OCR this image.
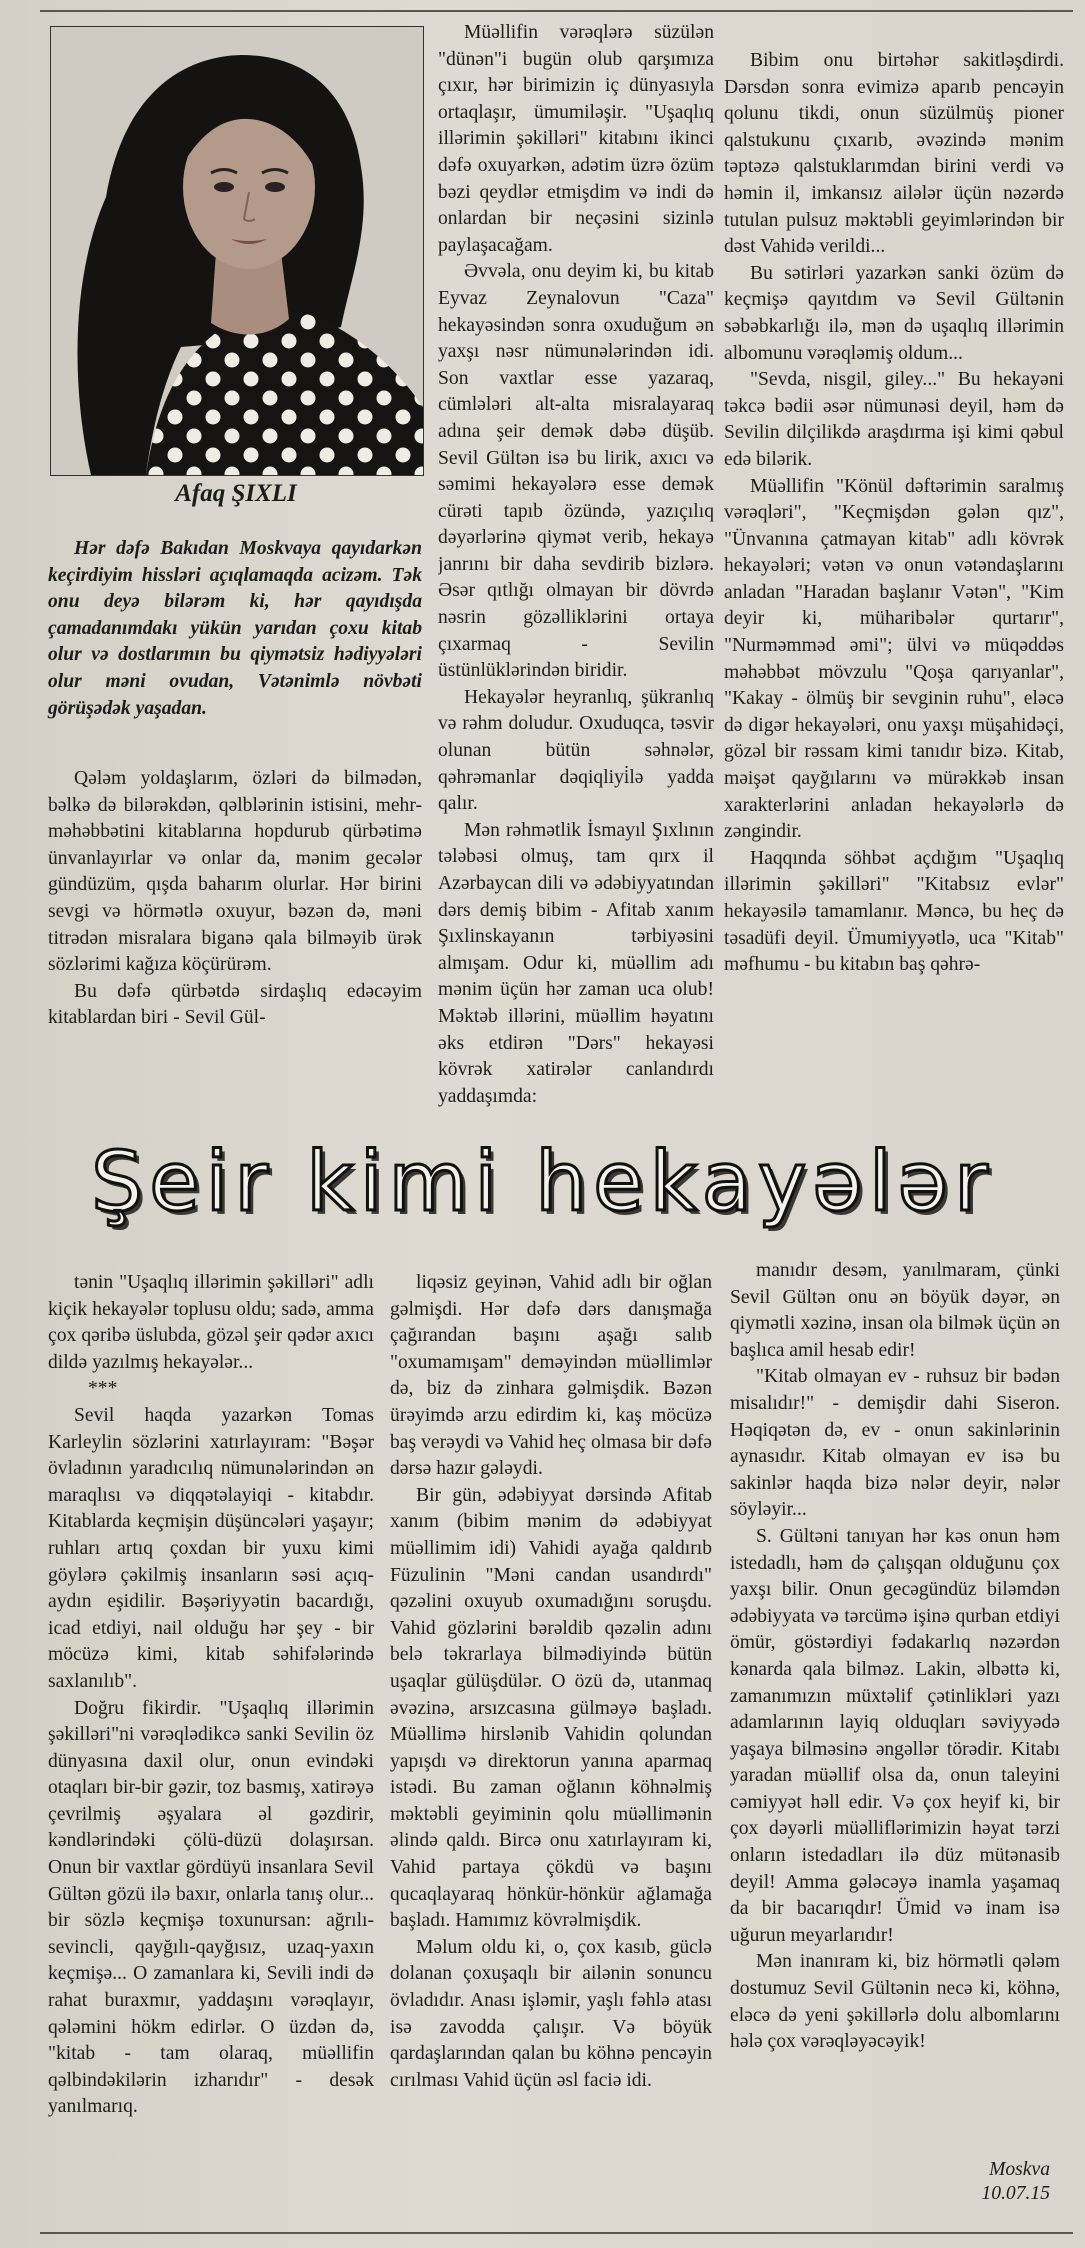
Afaq ŞIXLI
Hər dəfə Bakıdan Moskvaya qayıdarkən keçirdiyim hissləri açıqlamaqda acizəm. Tək onu deyə bilərəm ki, hər qayıdışda çamadanımdakı yükün yarıdan çoxu kitab olur və dostlarımın bu qiymətsiz hədiyyələri olur məni ovudan, Vətənimlə növbəti görüşədək yaşadan.

Qələm yoldaşlarım, özləri də bilmədən, bəlkə də bilərəkdən, qəlblərinin istisini, mehr-məhəbbətini kitablarına hopdurub qürbətimə ünvanlayırlar və onlar da, mənim gecələr gündüzüm, qışda baharım olurlar. Hər birini sevgi və hörmətlə oxuyur, bəzən də, məni titrədən misralara biganə qala bilməyib ürək sözlərimi kağıza köçürürəm.

Bu dəfə qürbətdə sirdaşlıq edəcəyim kitablardan biri - Sevil Gül-

Müəllifin vərəqlərə süzülən "dünən"i bugün olub qarşımıza çıxır, hər birimizin iç dünyasıyla ortaqlaşır, ümumiləşir. "Uşaqlıq illərimin şəkilləri" kitabını ikinci dəfə oxuyarkən, adətim üzrə özüm bəzi qeydlər etmişdim və indi də onlardan bir neçəsini sizinlə paylaşacağam.

Əvvəla, onu deyim ki, bu kitab Eyvaz Zeynalovun "Caza" hekayəsindən sonra oxuduğum ən yaxşı nəsr nümunələrindən idi. Son vaxtlar esse yazaraq, cümlələri alt-alta misralayaraq adına şeir demək dəbə düşüb. Sevil Gültən isə bu lirik, axıcı və səmimi hekayələrə esse demək cürəti tapıb özündə, yazıçılıq dəyərlərinə qiymət verib, hekayə janrını bir daha sevdirib bizlərə. Əsər qıtlığı olmayan bir dövrdə nəsrin gözəlliklərini ortaya çıxarmaq - Sevilin üstünlüklərindən biridir.

Hekayələr heyranlıq, şükranlıq və rəhm doludur. Oxuduqca, təsvir olunan bütün səhnələr, qəhrəmanlar dəqiqliyi̇lə yadda qalır.

Mən rəhmətlik İsmayıl Şıxlının tələbəsi olmuş, tam qırx il Azərbaycan dili və ədəbiyyatından dərs demiş bibim - Afitab xanım Şıxlinskayanın tərbiyəsini almışam. Odur ki, müəllim adı mənim üçün hər zaman uca olub! Məktəb illərini, müəllim həyatını əks etdirən "Dərs" hekayəsi kövrək xatirələr canlandırdı yaddaşımda:

Bibim onu birtəhər sakitləşdirdi. Dərsdən sonra evimizə aparıb pencəyin qolunu tikdi, onun süzülmüş pioner qalstukunu çıxarıb, əvəzində mənim təptəzə qalstuklarımdan birini verdi və həmin il, imkansız ailələr üçün nəzərdə tutulan pulsuz məktəbli geyimlərindən bir dəst Vahidə verildi...

Bu sətirləri yazarkən sanki özüm də keçmişə qayıtdım və Sevil Gültənin səbəbkarlığı ilə, mən də uşaqlıq illərimin albomunu vərəqləmiş oldum...

"Sevda, nisgil, giley..." Bu hekayəni təkcə bədii əsər nümunəsi deyil, həm də Sevilin dilçilikdə araşdırma işi kimi qəbul edə bilərik.

Müəllifin "Könül dəftərimin saralmış vərəqləri", "Keçmişdən gələn qız", "Ünvanına çatmayan kitab" adlı kövrək hekayələri; vətən və onun vətəndaşlarını anladan "Haradan başlanır Vətən", "Kim deyir ki, müharibələr qurtarır", "Nurməmməd əmi"; ülvi və müqəddəs məhəbbət mövzulu "Qoşa qarıyanlar", "Kakay - ölmüş bir sevginin ruhu", eləcə də digər hekayələri, onu yaxşı müşahidəçi, gözəl bir rəssam kimi tanıdır bizə. Kitab, məişət qayğılarını və mürəkkəb insan xarakterlərini anladan hekayələrlə də zəngindir.

Haqqında söhbət açdığım "Uşaqlıq illərimin şəkilləri" "Kitabsız evlər" hekayəsilə tamamlanır. Məncə, bu heç də təsadüfi deyil. Ümumiyyətlə, uca "Kitab" məfhumu - bu kitabın baş qəhrə-

Şeir kimi hekayələr

tənin "Uşaqlıq illərimin şəkilləri" adlı kiçik hekayələr toplusu oldu; sadə, amma çox qəribə üslubda, gözəl şeir qədər axıcı dildə yazılmış hekayələr...

***

Sevil haqda yazarkən Tomas Karleylin sözlərini xatırlayıram: "Bəşər övladının yaradıcılıq nümunələrindən ən maraqlısı və diqqətəlayiqi - kitabdır. Kitablarda keçmişin düşüncələri yaşayır; ruhları artıq çoxdan bir yuxu kimi göylərə çəkilmiş insanların səsi açıq-aydın eşidilir. Bəşəriyyətin bacardığı, icad etdiyi, nail olduğu hər şey - bir möcüzə kimi, kitab səhifələrində saxlanılıb".

Doğru fikirdir. "Uşaqlıq illərimin şəkilləri"ni vərəqlədikcə sanki Sevilin öz dünyasına daxil olur, onun evindəki otaqları bir-bir gəzir, toz basmış, xatirəyə çevrilmiş əşyalara əl gəzdirir, kəndlərindəki çölü-düzü dolaşırsan. Onun bir vaxtlar gördüyü insanlara Sevil Gültən gözü ilə baxır, onlarla tanış olur... bir sözlə keçmişə toxunursan: ağrılı-sevincli, qayğılı-qayğısız, uzaq-yaxın keçmişə... O zamanlara ki, Sevili indi də rahat buraxmır, yaddaşını vərəqlayır, qələmini hökm edirlər. O üzdən də, "kitab - tam olaraq, müəllifin qəlbindəkilərin izharıdır" - desək yanılmarıq.

liqəsiz geyinən, Vahid adlı bir oğlan gəlmişdi. Hər dəfə dərs danışmağa çağırandan başını aşağı salıb "oxumamışam" deməyindən müəllimlər də, biz də zinhara gəlmişdik. Bəzən ürəyimdə arzu edirdim ki, kaş möcüzə baş verəydi və Vahid heç olmasa bir dəfə dərsə hazır gələydi.

Bir gün, ədəbiyyat dərsində Afitab xanım (bibim mənim də ədəbiyyat müəllimim idi) Vahidi ayağa qaldırıb Füzulinin "Məni candan usandırdı" qəzəlini oxuyub oxumadığını soruşdu. Vahid gözlərini bərəldib qəzəlin adını belə təkrarlaya bilmədiyində bütün uşaqlar gülüşdülər. O özü də, utanmaq əvəzinə, arsızcasına gülməyə başladı. Müəllimə hirslənib Vahidin qolundan yapışdı və direktorun yanına aparmaq istədi. Bu zaman oğlanın köhnəlmiş məktəbli geyiminin qolu müəllimənin əlində qaldı. Bircə onu xatırlayıram ki, Vahid partaya çökdü və başını qucaqlayaraq hönkür-hönkür ağlamağa başladı. Hamımız kövrəlmişdik.

Məlum oldu ki, o, çox kasıb, güclə dolanan çoxuşaqlı bir ailənin sonuncu övladıdır. Anası işləmir, yaşlı fəhlə atası isə zavodda çalışır. Və böyük qardaşlarından qalan bu köhnə pencəyin cırılması Vahid üçün əsl faciə idi.

manıdır desəm, yanılmaram, çünki Sevil Gültən onu ən böyük dəyər, ən qiymətli xəzinə, insan ola bilmək üçün ən başlıca amil hesab edir!

"Kitab olmayan ev - ruhsuz bir bədən misalıdır!" - demişdir dahi Siseron. Həqiqətən də, ev - onun sakinlərinin aynasıdır. Kitab olmayan ev isə bu sakinlər haqda bizə nələr deyir, nələr söyləyir...

S. Gültəni tanıyan hər kəs onun həm istedadlı, həm də çalışqan olduğunu çox yaxşı bilir. Onun gecəgündüz biləmdən ədəbiyyata və tərcümə işinə qurban etdiyi ömür, göstərdiyi fədakarlıq nəzərdən kənarda qala bilməz. Lakin, əlbəttə ki, zamanımızın müxtəlif çətinlikləri yazı adamlarının layiq olduqları səviyyədə yaşaya bilməsinə əngəllər törədir. Kitabı yaradan müəllif olsa da, onun taleyini cəmiyyət həll edir. Və çox heyif ki, bir çox dəyərli müəlliflərimizin həyat tərzi onların istedadları ilə düz mütənasib deyil! Amma gələcəyə inamla yaşamaq da bir bacarıqdır! Ümid və inam isə uğurun meyarlarıdır!

Mən inanıram ki, biz hörmətli qələm dostumuz Sevil Gültənin necə ki, köhnə, eləcə də yeni şəkillərlə dolu albomlarını hələ çox vərəqləyəcəyik!

Moskva
10.07.15
